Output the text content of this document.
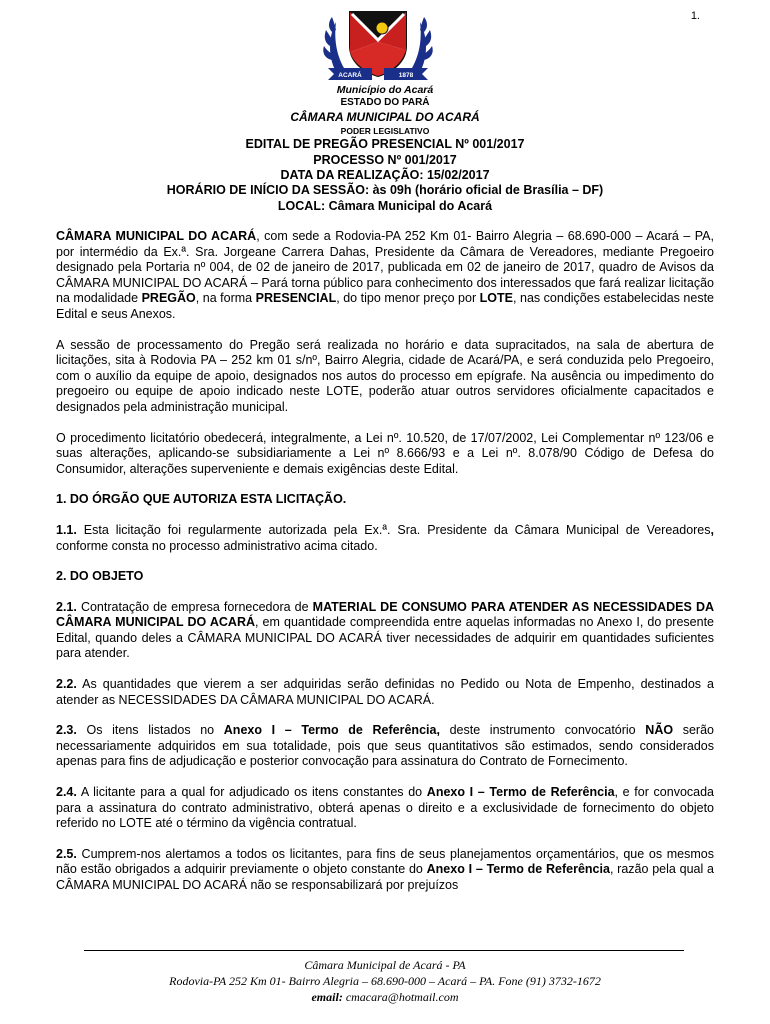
1.
ACARÁ	1878
Município do Acará
ESTADO DO PARÁ
CÂMARA MUNICIPAL DO ACARÁ
PODER LEGISLATIVO
EDITAL DE PREGÃO PRESENCIAL Nº 001/2017
PROCESSO Nº 001/2017
DATA DA REALIZAÇÃO: 15/02/2017
HORÁRIO DE INÍCIO DA SESSÃO: às 09h (horário oficial de Brasília – DF)
LOCAL: Câmara Municipal do Acará

CÂMARA MUNICIPAL DO ACARÁ, com sede a Rodovia-PA 252 Km 01- Bairro Alegria – 68.690-000 – Acará – PA, por intermédio da Ex.ª. Sra. Jorgeane Carrera Dahas, Presidente da Câmara de Vereadores, mediante Pregoeiro designado pela Portaria nº 004, de 02 de janeiro de 2017, publicada em 02 de janeiro de 2017, quadro de Avisos da CÂMARA MUNICIPAL DO ACARÁ – Pará torna público para conhecimento dos interessados que fará realizar licitação na modalidade PREGÃO, na forma PRESENCIAL, do tipo menor preço por LOTE, nas condições estabelecidas neste Edital e seus Anexos.

A sessão de processamento do Pregão será realizada no horário e data supracitados, na sala de abertura de licitações, sita à Rodovia PA – 252 km 01 s/nº, Bairro Alegria, cidade de Acará/PA, e será conduzida pelo Pregoeiro, com o auxílio da equipe de apoio, designados nos autos do processo em epígrafe. Na ausência ou impedimento do pregoeiro ou equipe de apoio indicado neste LOTE, poderão atuar outros servidores oficialmente capacitados e designados pela administração municipal.

O procedimento licitatório obedecerá, integralmente, a Lei nº. 10.520, de 17/07/2002, Lei Complementar nº 123/06 e suas alterações, aplicando-se subsidiariamente a Lei nº 8.666/93 e a Lei nº. 8.078/90 Código de Defesa do Consumidor, alterações superveniente e demais exigências deste Edital.

1. DO ÓRGÃO QUE AUTORIZA ESTA LICITAÇÃO.

1.1. Esta licitação foi regularmente autorizada pela Ex.ª. Sra. Presidente da Câmara Municipal de Vereadores, conforme consta no processo administrativo acima citado.

2. DO OBJETO

2.1. Contratação de empresa fornecedora de MATERIAL DE CONSUMO PARA ATENDER AS NECESSIDADES DA CÂMARA MUNICIPAL DO ACARÁ, em quantidade compreendida entre aquelas informadas no Anexo I, do presente Edital, quando deles a CÂMARA MUNICIPAL DO ACARÁ tiver necessidades de adquirir em quantidades suficientes para atender.

2.2. As quantidades que vierem a ser adquiridas serão definidas no Pedido ou Nota de Empenho, destinados a atender as NECESSIDADES DA CÂMARA MUNICIPAL DO ACARÁ.

2.3. Os itens listados no Anexo I – Termo de Referência, deste instrumento convocatório NÃO serão necessariamente adquiridos em sua totalidade, pois que seus quantitativos são estimados, sendo considerados apenas para fins de adjudicação e posterior convocação para assinatura do Contrato de Fornecimento.

2.4. A licitante para a qual for adjudicado os itens constantes do Anexo I – Termo de Referência, e for convocada para a assinatura do contrato administrativo, obterá apenas o direito e a exclusividade de fornecimento do objeto referido no LOTE até o término da vigência contratual.

2.5. Cumprem-nos alertamos a todos os licitantes, para fins de seus planejamentos orçamentários, que os mesmos não estão obrigados a adquirir previamente o objeto constante do Anexo I – Termo de Referência, razão pela qual a CÂMARA MUNICIPAL DO ACARÁ não se responsabilizará por prejuízos

Câmara Municipal de Acará - PA
Rodovia-PA 252 Km 01- Bairro Alegria – 68.690-000 – Acará – PA. Fone (91) 3732-1672
email: cmacara@hotmail.com
